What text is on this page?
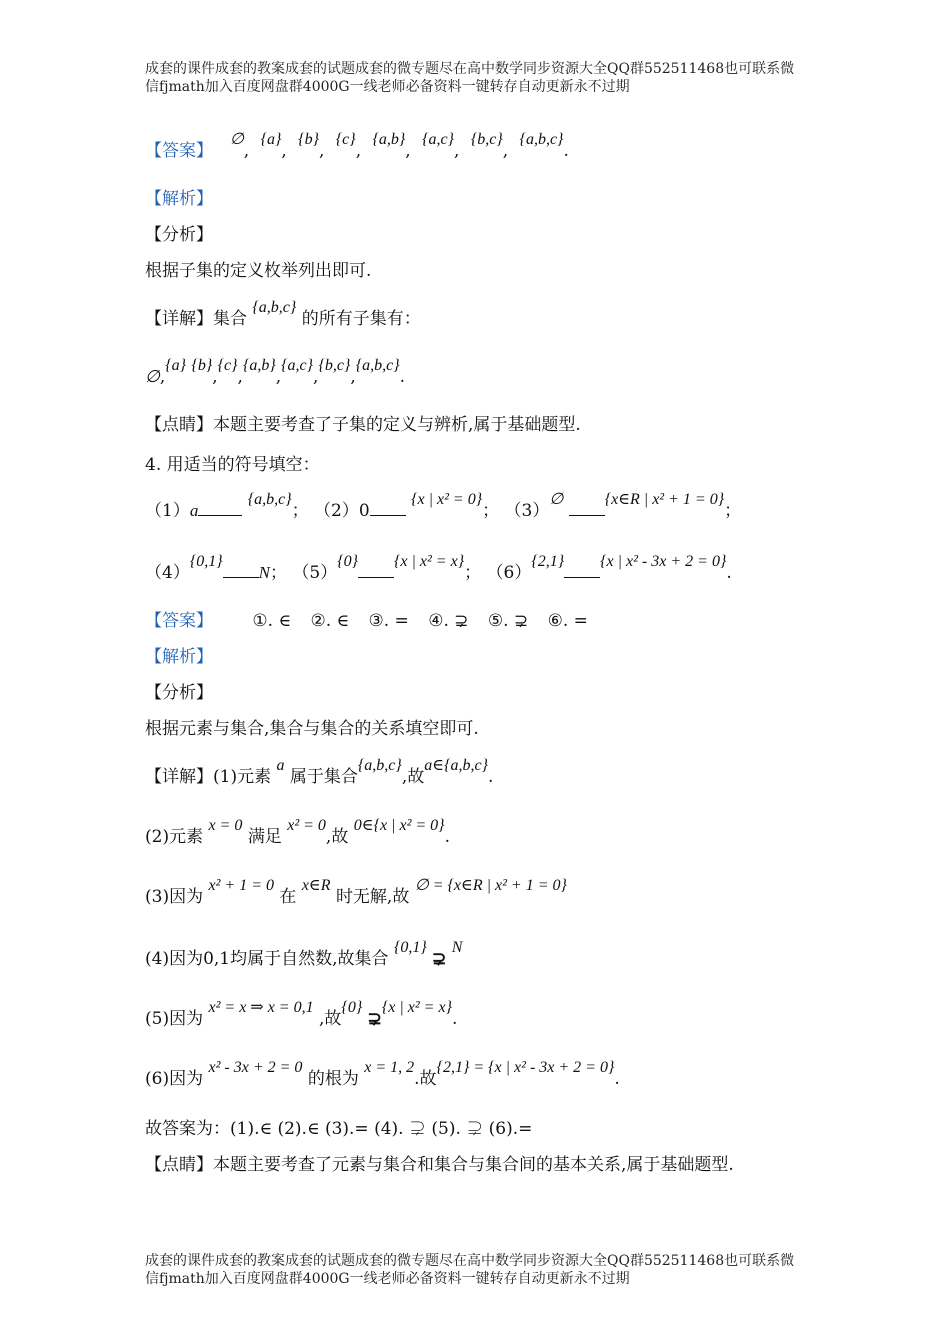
成套的课件成套的教案成套的试题成套的微专题尽在高中数学同步资源大全QQ群552511468也可联系微信fjmath加入百度网盘群4000G一线老师必备资料一键转存自动更新永不过期
【答案】  ∅, {a}, {b}, {c}, {a,b}, {a,c}, {b,c}, {a,b,c}.
【解析】
【分析】
根据子集的定义枚举列出即可.
【详解】集合 {a,b,c} 的所有子集有：
∅,{a} {b},{c},{a,b},{a,c},{b,c},{a,b,c}.
【点睛】本题主要考查了子集的定义与辨析,属于基础题型.
4. 用适当的符号填空：
（1）a {a,b,c}； （2）0 {x | x² = 0}； （3）∅	{x∈R | x² + 1 = 0}；
（4）{0,1}N； （5）{0} {x | x² = x}； （6）{2,1} {x | x² - 3x + 2 = 0}.
【答案】 ①. ∈ ②. ∈ ③. = ④. ⊋ ⑤. ⊋ ⑥. =
【解析】
【分析】
根据元素与集合,集合与集合的关系填空即可.
【详解】(1)元素 a 属于集合{a,b,c},故a∈{a,b,c}.
(2)元素 x = 0 满足 x² = 0,故 0∈{x | x² = 0}.
(3)因为 x² + 1 = 0 在 x∈R 时无解,故 ∅ = {x∈R | x² + 1 = 0}
(4)因为0,1均属于自然数,故集合 {0,1} ⊋ N
(5)因为 x² = x ⇒ x = 0,1 ,故{0} ⊋{x | x² = x}.
(6)因为 x² - 3x + 2 = 0 的根为 x = 1, 2.故{2,1} = {x | x² - 3x + 2 = 0}.
故答案为：(1).∈ (2).∈ (3).= (4). ⊋ (5). ⊋ (6).=
【点睛】本题主要考查了元素与集合和集合与集合间的基本关系,属于基础题型.
成套的课件成套的教案成套的试题成套的微专题尽在高中数学同步资源大全QQ群552511468也可联系微信fjmath加入百度网盘群4000G一线老师必备资料一键转存自动更新永不过期
